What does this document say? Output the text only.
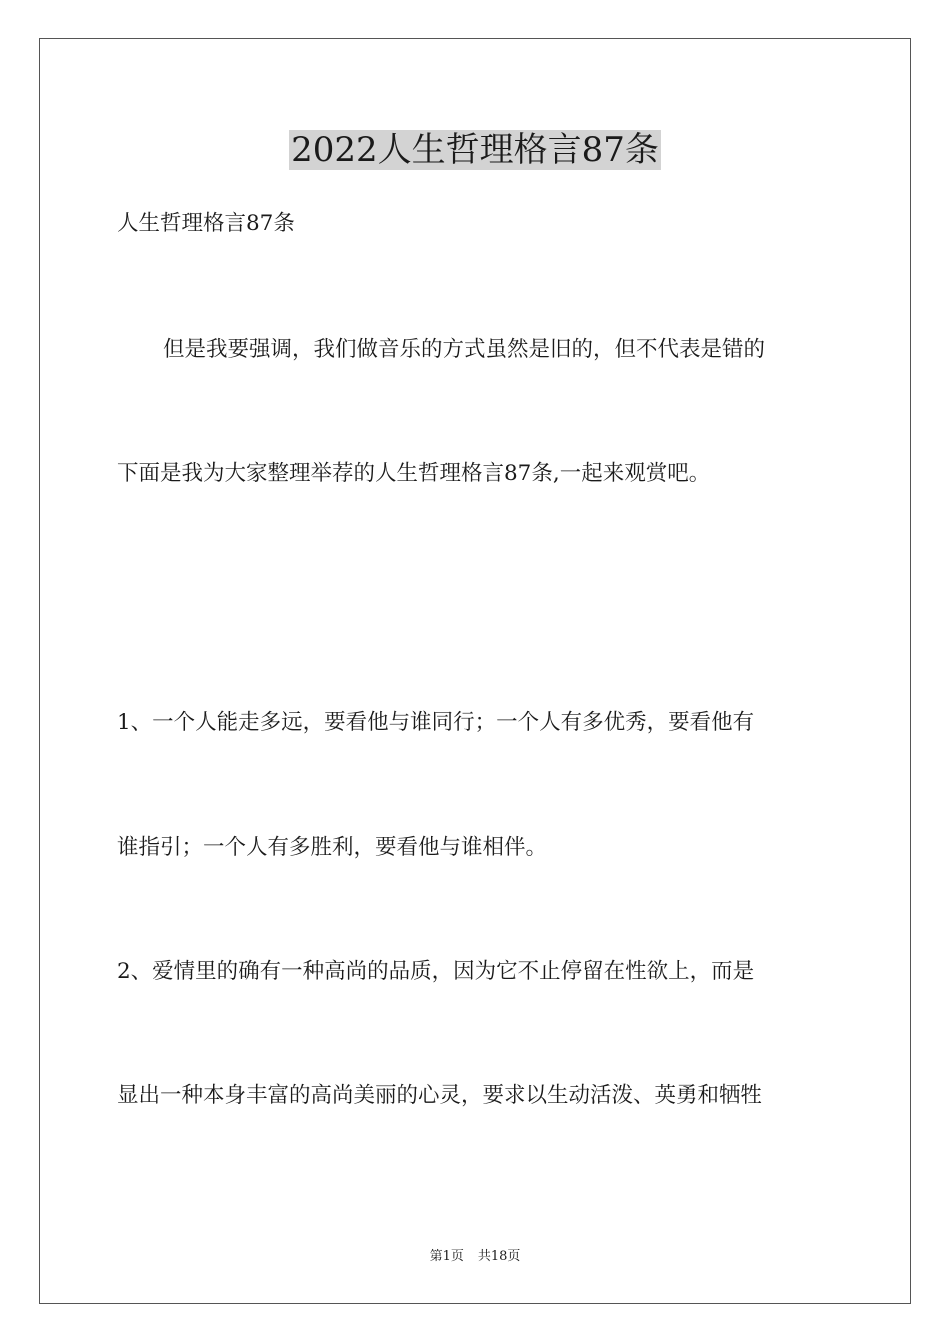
2022人生哲理格言87条

人生哲理格言87条

但是我要强调，我们做音乐的方式虽然是旧的，但不代表是错的

下面是我为大家整理举荐的人生哲理格言87条,一起来观赏吧。

1、一个人能走多远，要看他与谁同行；一个人有多优秀，要看他有

谁指引；一个人有多胜利，要看他与谁相伴。

2、爱情里的确有一种高尚的品质，因为它不止停留在性欲上，而是

显出一种本身丰富的高尚美丽的心灵，要求以生动活泼、英勇和牺牲

第1页 共18页
